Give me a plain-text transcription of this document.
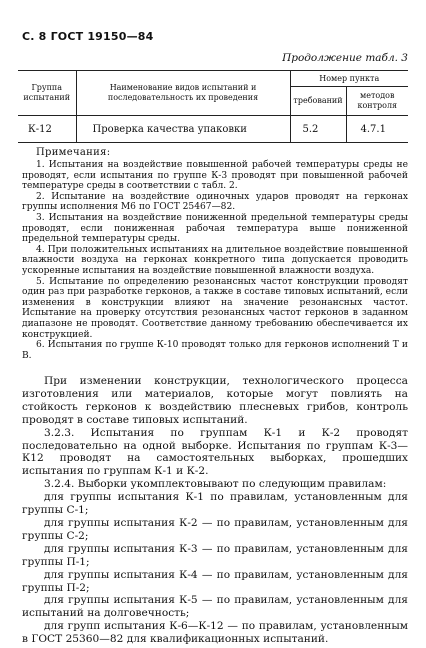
С. 8 ГОСТ 19150—84
Продолжение табл. 3
Группа испытаний	Наименование видов испытаний и последовательность их проведения	Номер пункта	
		требований	методов контроля
К-12	Проверка качества упаковки	5.2	4.7.1
Примечания:

1. Испытания на воздействие повышенной рабочей температуры среды не проводят, если испытания по группе К-3 проводят при повышенной рабочей температуре среды в соответствии с табл. 2.

2. Испытание на воздействие одиночных ударов проводят на герконах группы исполнения М6 по ГОСТ 25467—82.

3. Испытания на воздействие пониженной предельной температуры среды проводят, если пониженная рабочая температура выше пониженной предельной температуры среды.

4. При положительных испытаниях на длительное воздействие повышенной влажности воздуха на герконах конкретного типа допускается проводить ускоренные испытания на воздействие повышенной влажности воздуха.

5. Испытание по определению резонансных частот конструкции проводят один раз при разработке герконов, а также в составе типовых испытаний, если изменения в конструкции влияют на значение резонансных частот. Испытание на проверку отсутствия резонансных частот герконов в заданном диапазоне не проводят. Соответствие данному требованию обеспечивается их конструкцией.

6. Испытания по группе К-10 проводят только для герконов исполнений Т и В.

При изменении конструкции, технологического процесса изготовления или материалов, которые могут повлиять на стойкость герконов к воздействию плесневых грибов, контроль проводят в составе типовых испытаний.

3.2.3. Испытания по группам К-1 и К-2 проводят последовательно на одной выборке. Испытания по группам К-3—К12 проводят на самостоятельных выборках, прошедших испытания по группам К-1 и К-2.

3.2.4. Выборки укомплектовывают по следующим правилам:

для группы испытания К-1 по правилам, установленным для группы С-1;

для группы испытания К-2 — по правилам, установленным для группы С-2;

для группы испытания К-3 — по правилам, установленным для группы П-1;

для группы испытания К-4 — по правилам, установленным для группы П-2;

для группы испытания К-5 — по правилам, установленным для испытаний на долговечность;

для групп испытания К-6—К-12 — по правилам, установленным в ГОСТ 25360—82 для квалификационных испытаний.
